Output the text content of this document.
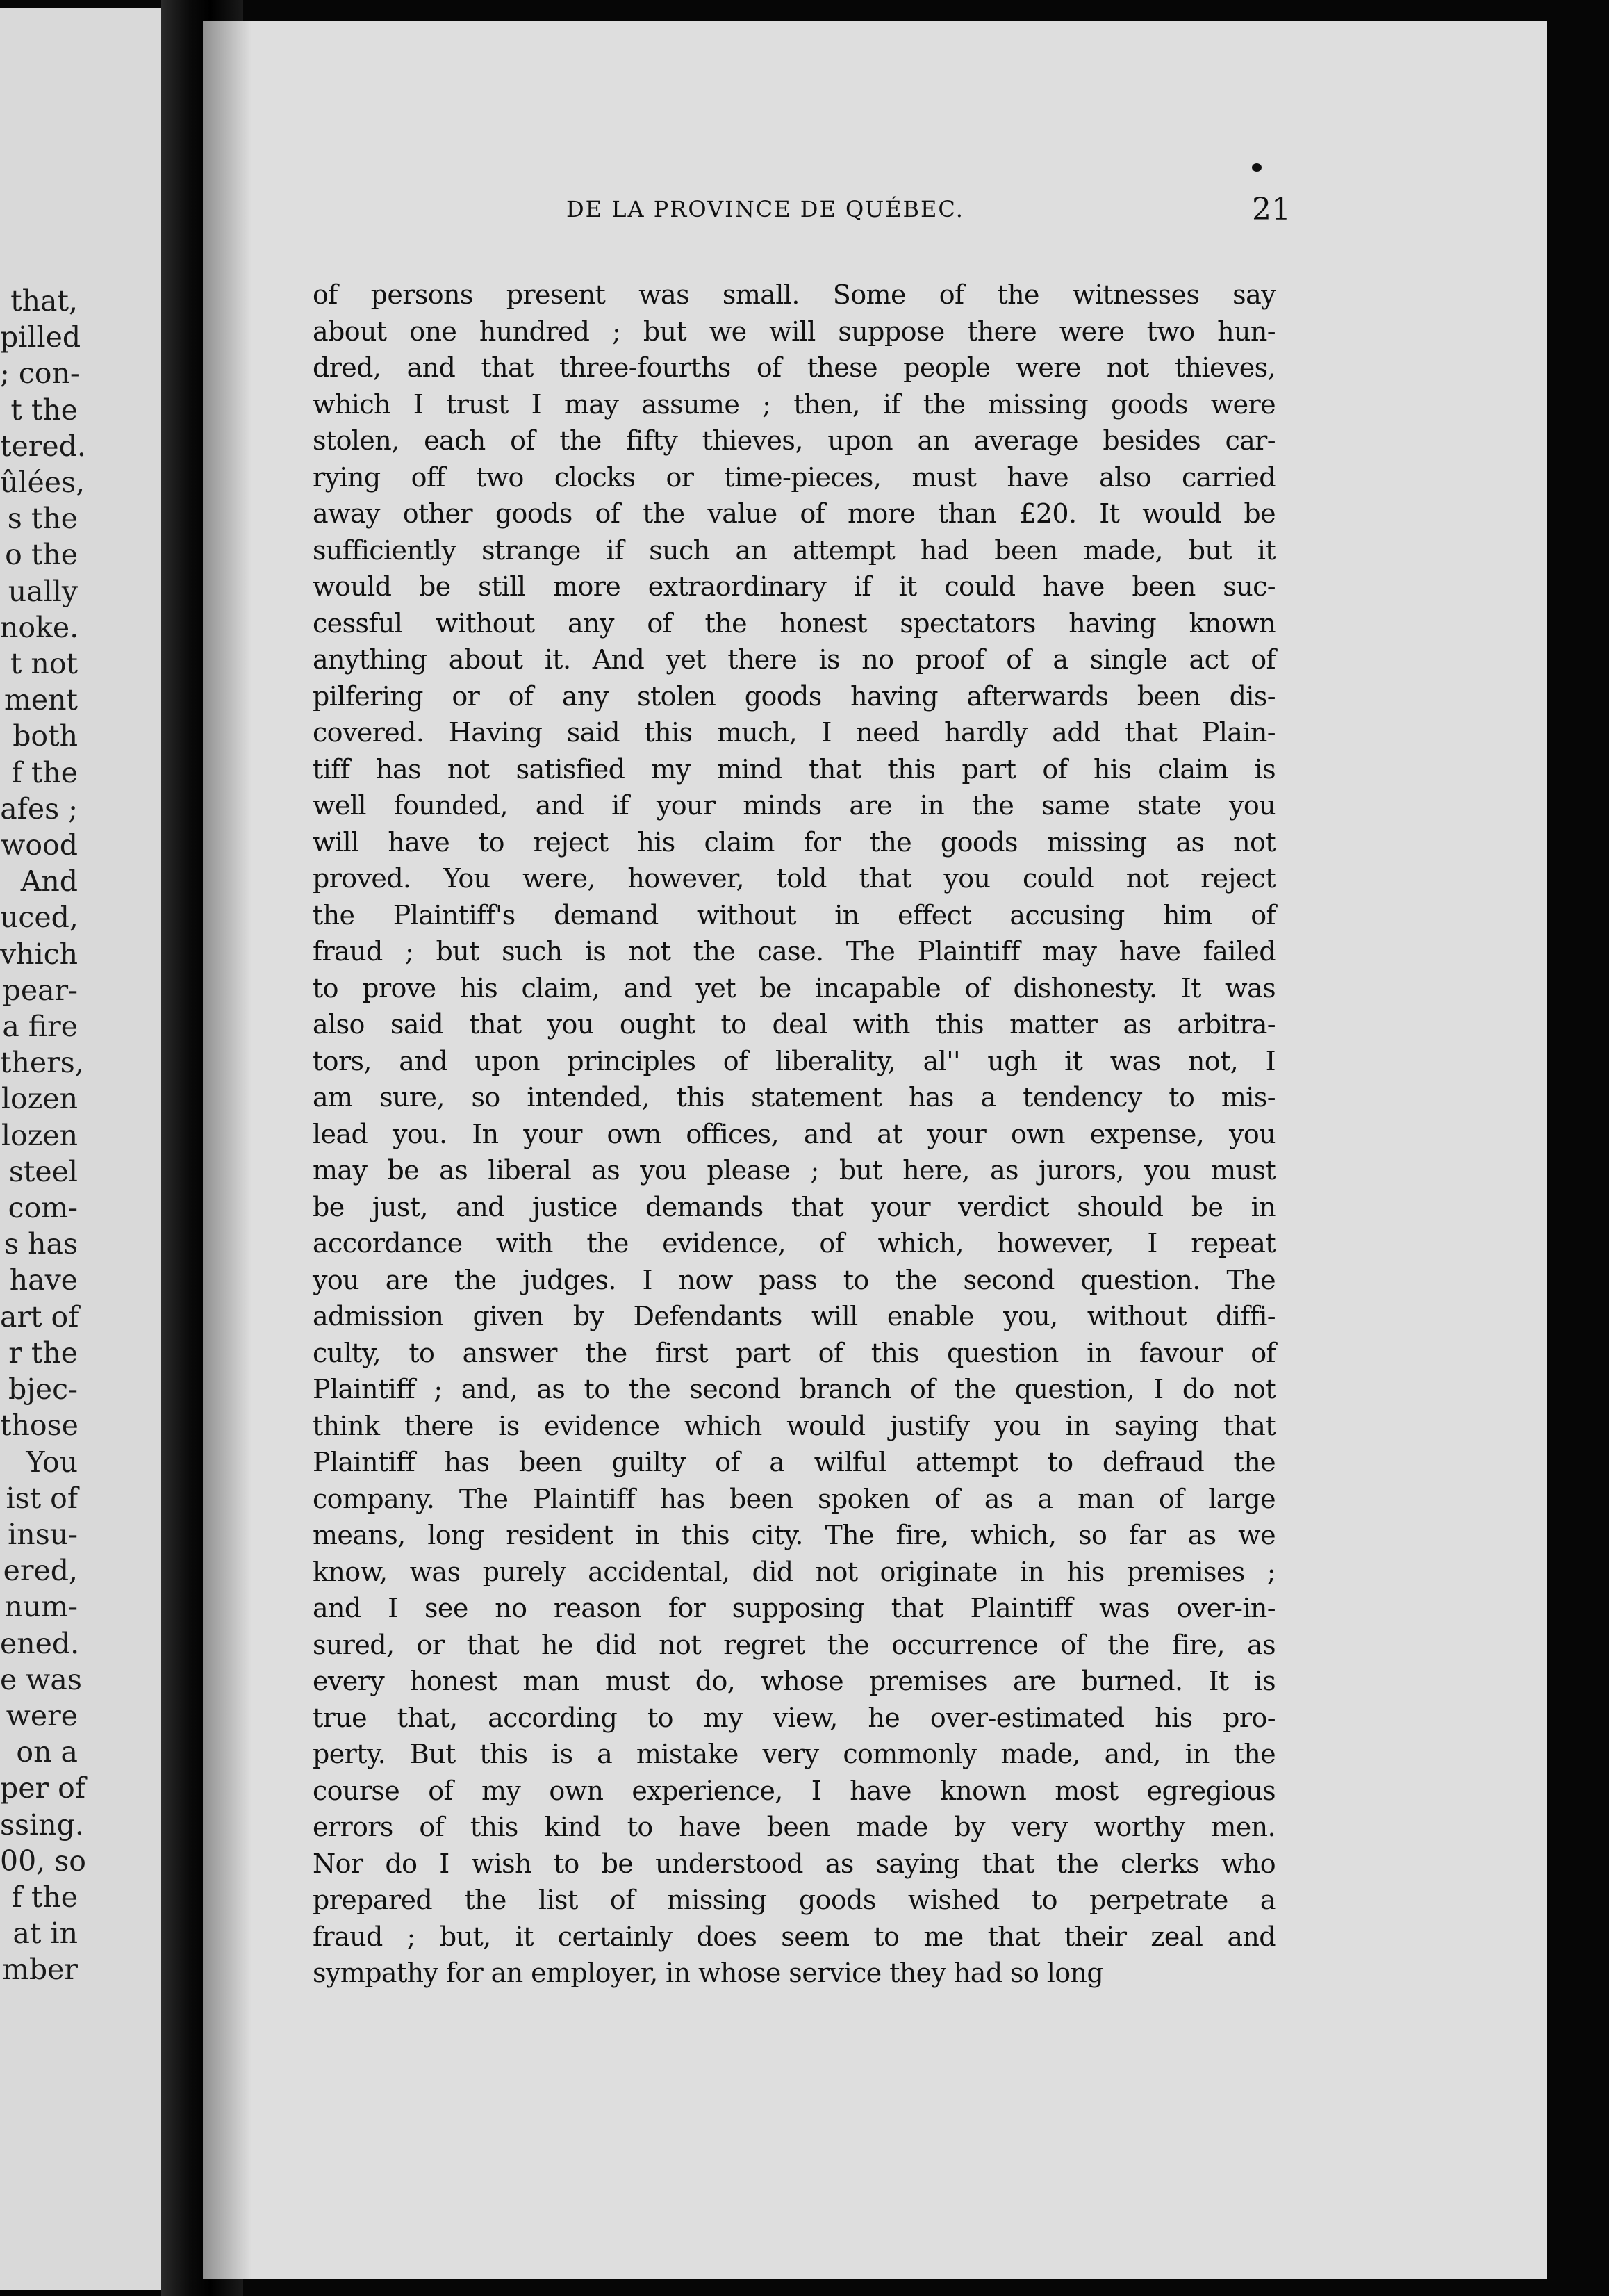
that,
pilled
; con-
t the
tered.
ûlées,
s the
o the
ually
noke.
t not
ment
both
f the
afes ;
wood
And
uced,
vhich
pear-
a fire
thers,
lozen
lozen
steel
com-
s has
have
art of
r the
bjec-
those
You
ist of
insu-
ered,
num-
ened.
e was
were
on a
per of
ssing.
00, so
f the
at in
mber
DE LA PROVINCE DE QUÉBEC.	21
of persons present was small. Some of the witnesses say
about one hundred ; but we will suppose there were two hun-
dred, and that three-fourths of these people were not thieves,
which I trust I may assume ; then, if the missing goods were
stolen, each of the fifty thieves, upon an average besides car-
rying off two clocks or time-pieces, must have also carried
away other goods of the value of more than £20. It would be
sufficiently strange if such an attempt had been made, but it
would be still more extraordinary if it could have been suc-
cessful without any of the honest spectators having known
anything about it. And yet there is no proof of a single act of
pilfering or of any stolen goods having afterwards been dis-
covered. Having said this much, I need hardly add that Plain-
tiff has not satisfied my mind that this part of his claim is
well founded, and if your minds are in the same state you
will have to reject his claim for the goods missing as not
proved. You were, however, told that you could not reject
the Plaintiff's demand without in effect accusing him of
fraud ; but such is not the case. The Plaintiff may have failed
to prove his claim, and yet be incapable of dishonesty. It was
also said that you ought to deal with this matter as arbitra-
tors, and upon principles of liberality, al'' ugh it was not, I
am sure, so intended, this statement has a tendency to mis-
lead you. In your own offices, and at your own expense, you
may be as liberal as you please ; but here, as jurors, you must
be just, and justice demands that your verdict should be in
accordance with the evidence, of which, however, I repeat
you are the judges. I now pass to the second question. The
admission given by Defendants will enable you, without diffi-
culty, to answer the first part of this question in favour of
Plaintiff ; and, as to the second branch of the question, I do not
think there is evidence which would justify you in saying that
Plaintiff has been guilty of a wilful attempt to defraud the
company. The Plaintiff has been spoken of as a man of large
means, long resident in this city. The fire, which, so far as we
know, was purely accidental, did not originate in his premises ;
and I see no reason for supposing that Plaintiff was over-in-
sured, or that he did not regret the occurrence of the fire, as
every honest man must do, whose premises are burned. It is
true that, according to my view, he over-estimated his pro-
perty. But this is a mistake very commonly made, and, in the
course of my own experience, I have known most egregious
errors of this kind to have been made by very worthy men.
Nor do I wish to be understood as saying that the clerks who
prepared the list of missing goods wished to perpetrate a
fraud ; but, it certainly does seem to me that their zeal and
sympathy for an employer, in whose service they had so long
